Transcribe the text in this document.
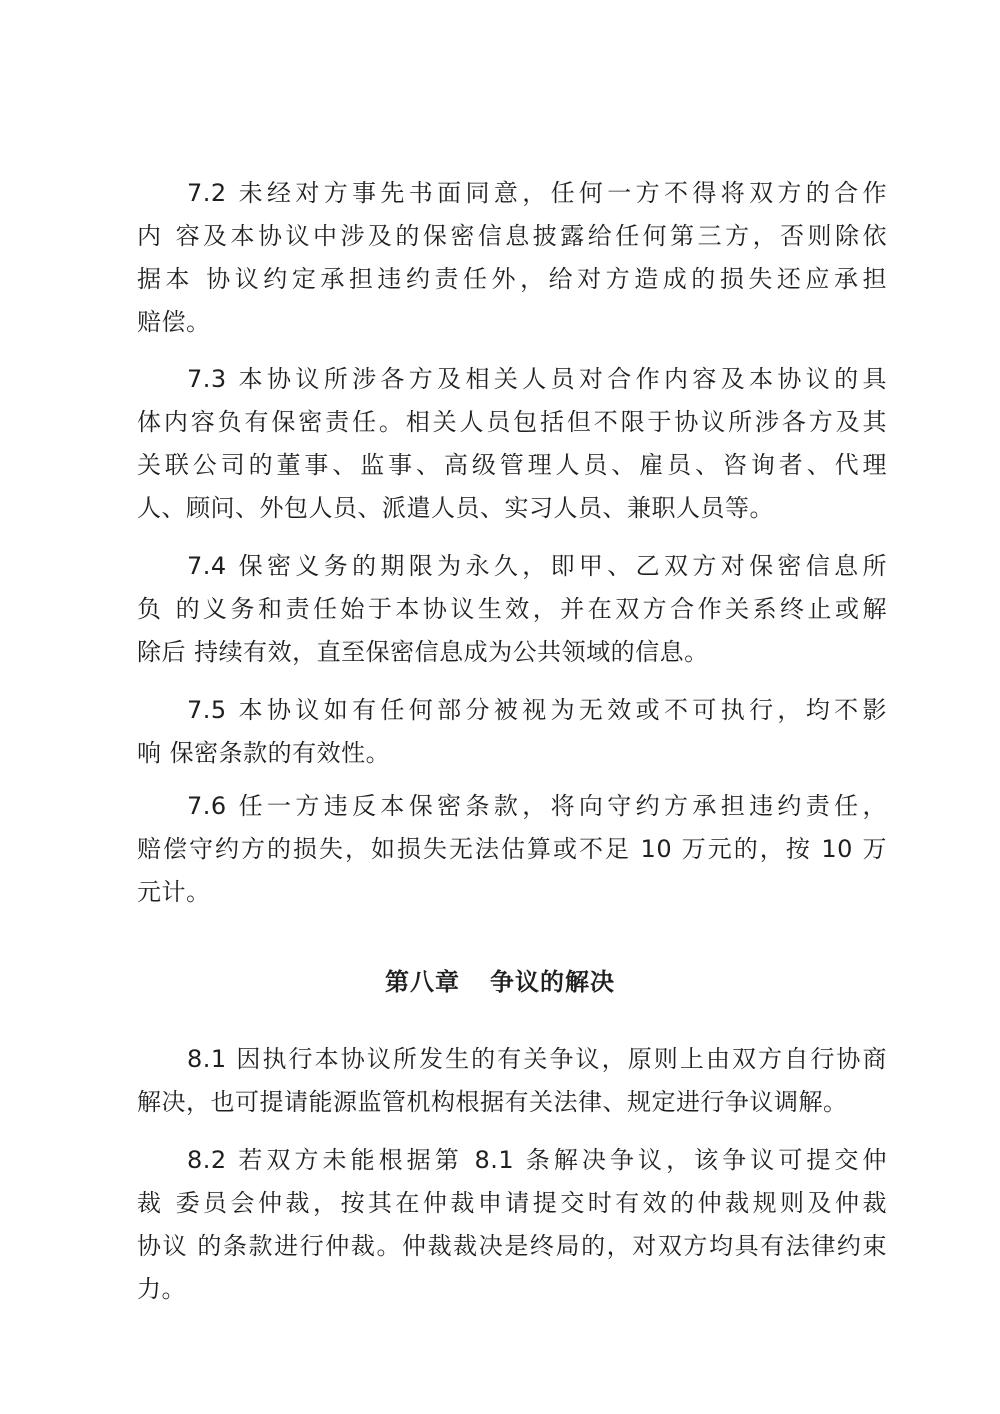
7.2 未经对方事先书面同意，任何一方不得将双方的合作
内 容及本协议中涉及的保密信息披露给任何第三方，否则除依
据本 协议约定承担违约责任外，给对方造成的损失还应承担
赔偿。
7.3 本协议所涉各方及相关人员对合作内容及本协议的具
体内容负有保密责任。相关人员包括但不限于协议所涉各方及其
关联公司的董事、监事、高级管理人员、雇员、咨询者、代理
人、顾问、外包人员、派遣人员、实习人员、兼职人员等。
7.4 保密义务的期限为永久，即甲、乙双方对保密信息所
负 的义务和责任始于本协议生效，并在双方合作关系终止或解
除后 持续有效，直至保密信息成为公共领域的信息。
7.5 本协议如有任何部分被视为无效或不可执行，均不影
响 保密条款的有效性。
7.6 任一方违反本保密条款，将向守约方承担违约责任，
赔偿守约方的损失，如损失无法估算或不足 10 万元的，按 10 万
元计。
第八章 争议的解决
8.1 因执行本协议所发生的有关争议，原则上由双方自行协商
解决，也可提请能源监管机构根据有关法律、规定进行争议调解。
8.2 若双方未能根据第 8.1 条解决争议，该争议可提交仲
裁 委员会仲裁，按其在仲裁申请提交时有效的仲裁规则及仲裁
协议 的条款进行仲裁。仲裁裁决是终局的，对双方均具有法律约束
力。
